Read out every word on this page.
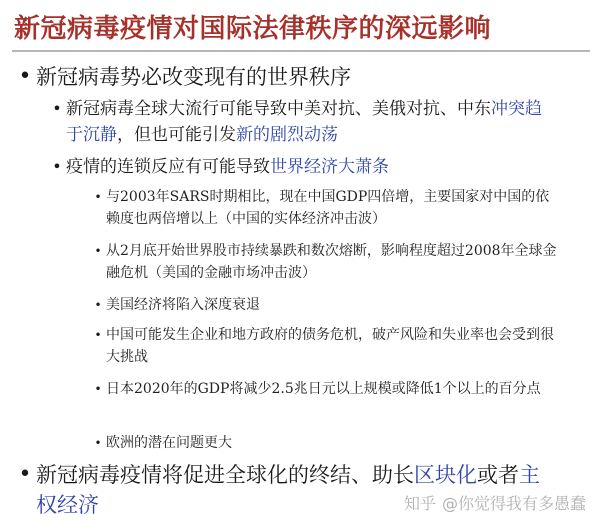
新冠病毒疫情对国际法律秩序的深远影响
• 新冠病毒势必改变现有的世界秩序
• 新冠病毒全球大流行可能导致中美对抗、美俄对抗、中东冲突趋于沉静，但也可能引发新的剧烈动荡
• 疫情的连锁反应有可能导致世界经济大萧条
• 与2003年SARS时期相比，现在中国GDP四倍增，主要国家对中国的依赖度也两倍增以上（中国的实体经济冲击波）
• 从2月底开始世界股市持续暴跌和数次熔断，影响程度超过2008年全球金融危机（美国的金融市场冲击波）
• 美国经济将陷入深度衰退
• 中国可能发生企业和地方政府的债务危机，破产风险和失业率也会受到很大挑战
• 日本2020年的GDP将减少2.5兆日元以上规模或降低1个以上的百分点
• 欧洲的潜在问题更大
• 新冠病毒疫情将促进全球化的终结、助长区块化或者主权经济	知乎 @你觉得我有多愚蠢
